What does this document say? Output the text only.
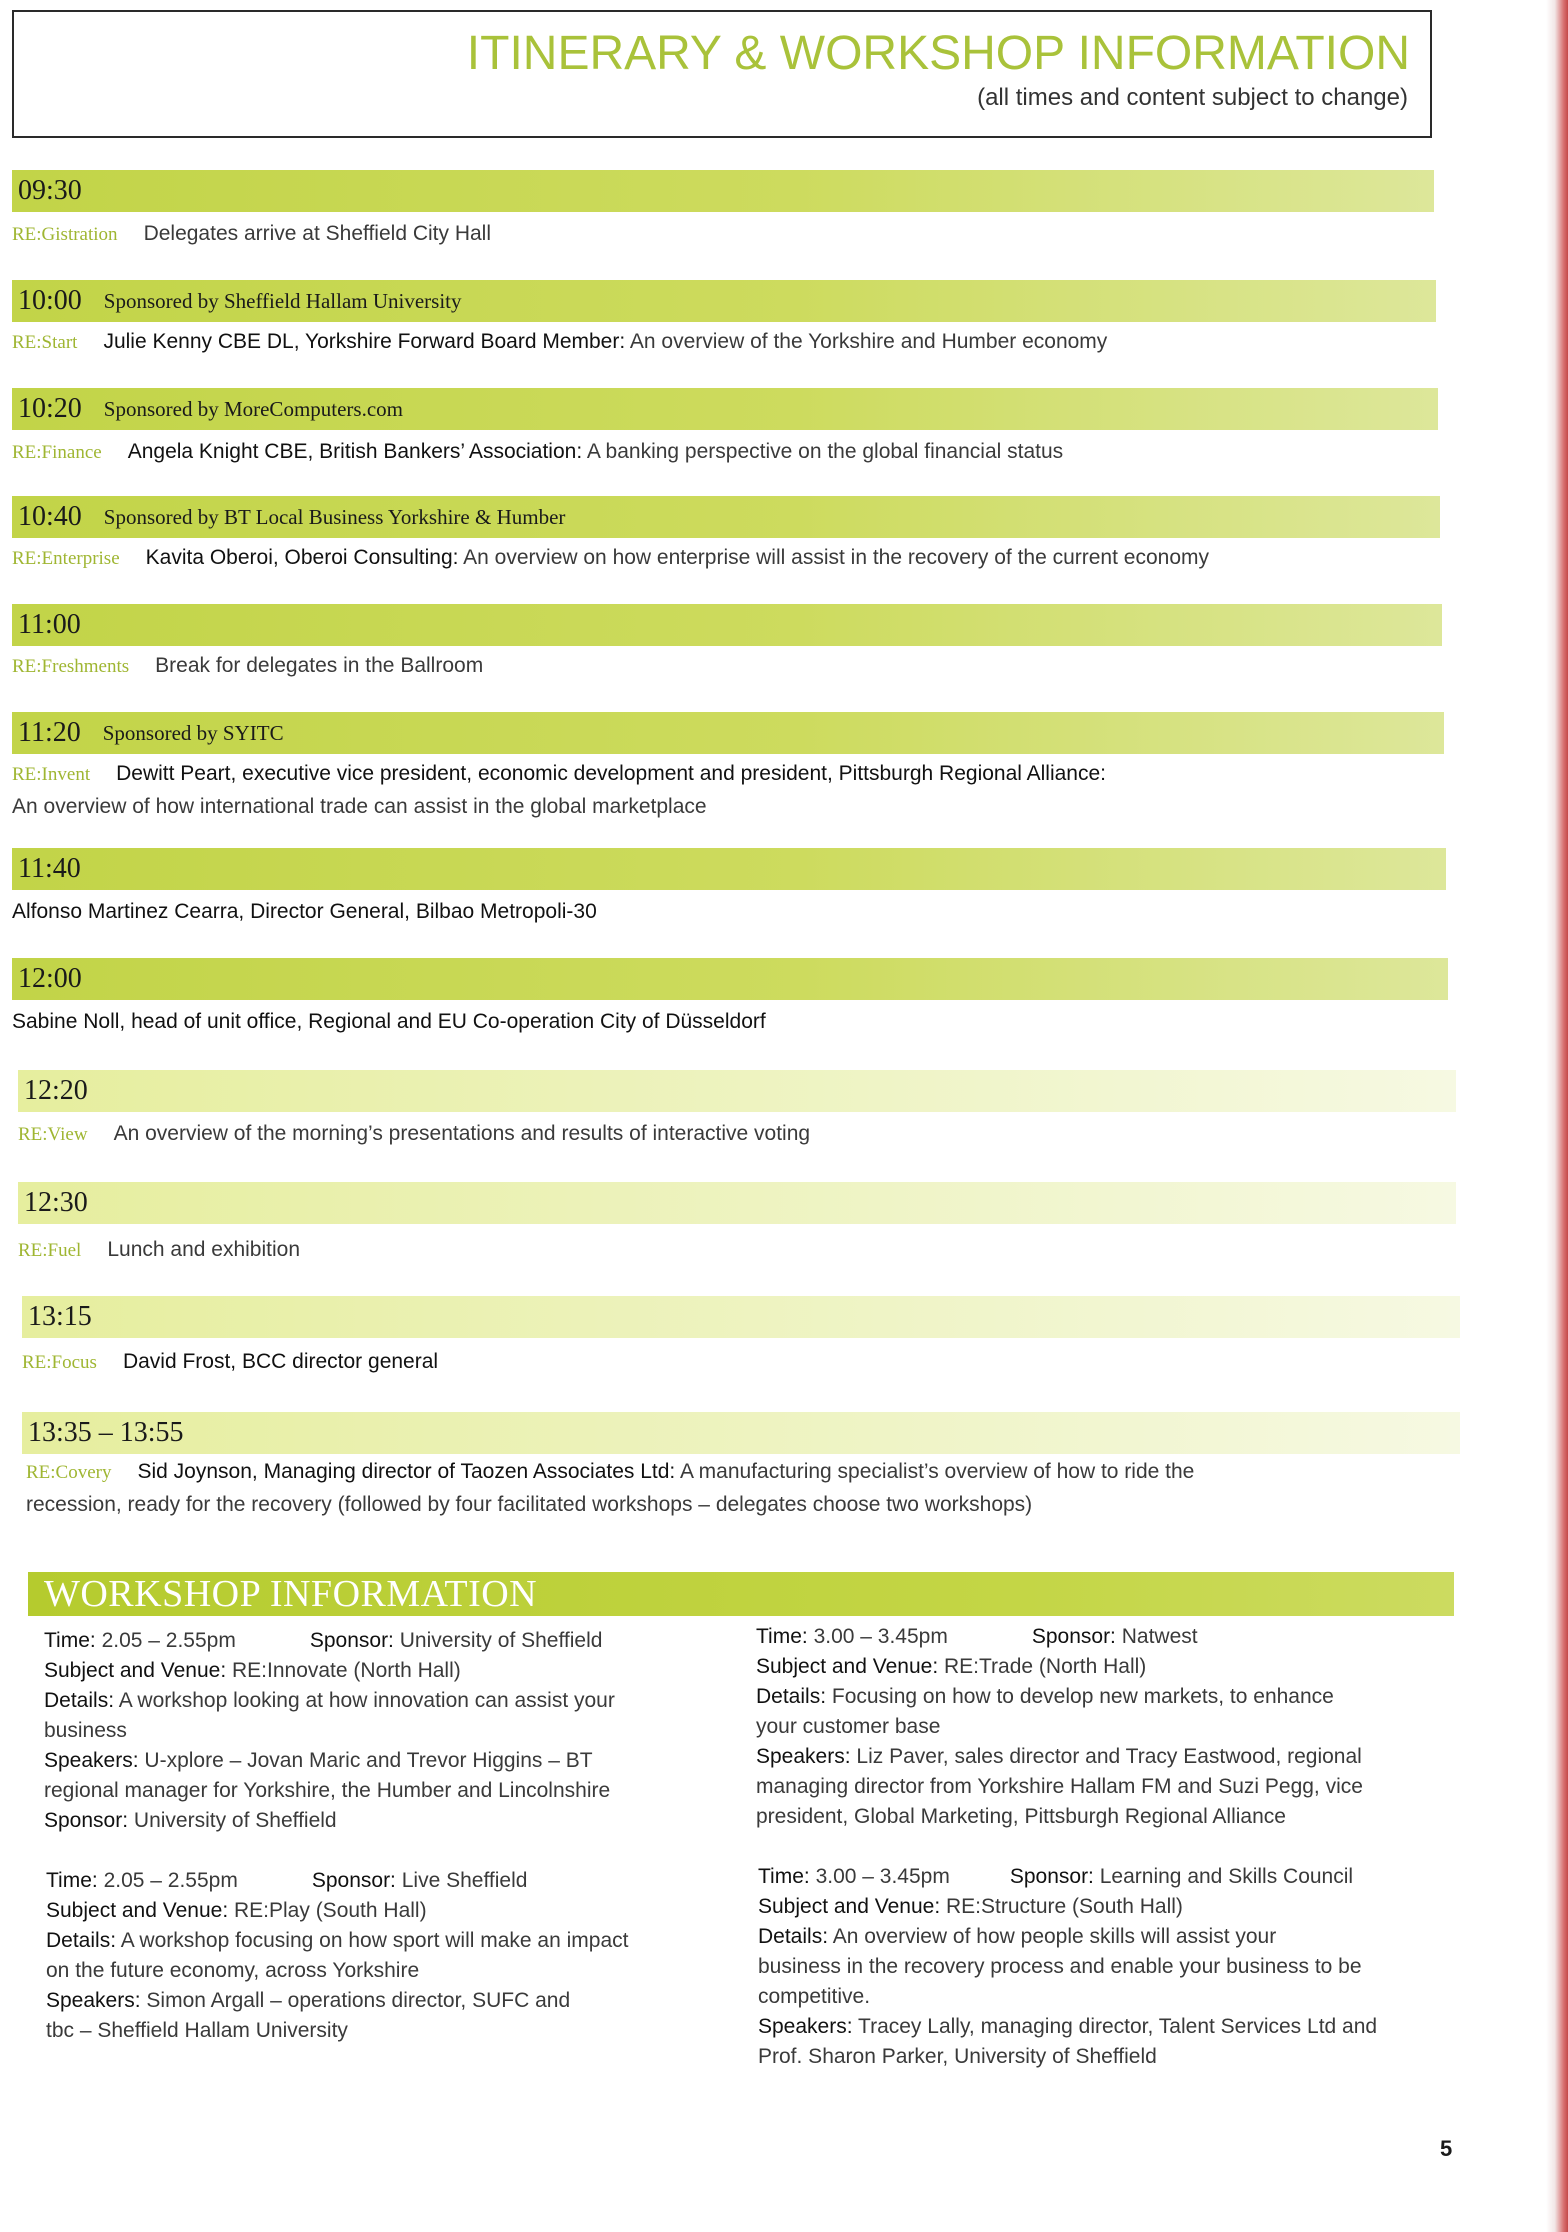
ITINERARY & WORKSHOP INFORMATION
(all times and content subject to change)
09:30
RE:Gistration Delegates arrive at Sheffield City Hall
10:00 Sponsored by Sheffield Hallam University
RE:Start Julie Kenny CBE DL, Yorkshire Forward Board Member: An overview of the Yorkshire and Humber economy
10:20 Sponsored by MoreComputers.com
RE:Finance Angela Knight CBE, British Bankers’ Association: A banking perspective on the global financial status
10:40 Sponsored by BT Local Business Yorkshire & Humber
RE:Enterprise Kavita Oberoi, Oberoi Consulting: An overview on how enterprise will assist in the recovery of the current economy
11:00
RE:Freshments Break for delegates in the Ballroom
11:20 Sponsored by SYITC
RE:Invent Dewitt Peart, executive vice president, economic development and president, Pittsburgh Regional Alliance:
An overview of how international trade can assist in the global marketplace
11:40
Alfonso Martinez Cearra, Director General, Bilbao Metropoli-30
12:00
Sabine Noll, head of unit office, Regional and EU Co-operation City of Düsseldorf
12:20
RE:View An overview of the morning’s presentations and results of interactive voting
12:30
RE:Fuel Lunch and exhibition
13:15
RE:Focus David Frost, BCC director general
13:35 – 13:55
RE:Covery Sid Joynson, Managing director of Taozen Associates Ltd: A manufacturing specialist’s overview of how to ride the
recession, ready for the recovery (followed by four facilitated workshops – delegates choose two workshops)
WORKSHOP INFORMATION
Time: 2.05 – 2.55pm	Sponsor: University of Sheffield
Subject and Venue: RE:Innovate (North Hall)
Details: A workshop looking at how innovation can assist your
business
Speakers: U-xplore – Jovan Maric and Trevor Higgins – BT
regional manager for Yorkshire, the Humber and Lincolnshire
Sponsor: University of Sheffield
Time: 3.00 – 3.45pm	Sponsor: Natwest
Subject and Venue: RE:Trade (North Hall)
Details: Focusing on how to develop new markets, to enhance
your customer base
Speakers: Liz Paver, sales director and Tracy Eastwood, regional
managing director from Yorkshire Hallam FM and Suzi Pegg, vice
president, Global Marketing, Pittsburgh Regional Alliance
Time: 2.05 – 2.55pm	Sponsor: Live Sheffield
Subject and Venue: RE:Play (South Hall)
Details: A workshop focusing on how sport will make an impact
on the future economy, across Yorkshire
Speakers: Simon Argall – operations director, SUFC and
tbc – Sheffield Hallam University
Time: 3.00 – 3.45pm	Sponsor: Learning and Skills Council
Subject and Venue: RE:Structure (South Hall)
Details: An overview of how people skills will assist your
business in the recovery process and enable your business to be
competitive.
Speakers: Tracey Lally, managing director, Talent Services Ltd and
Prof. Sharon Parker, University of Sheffield
5
